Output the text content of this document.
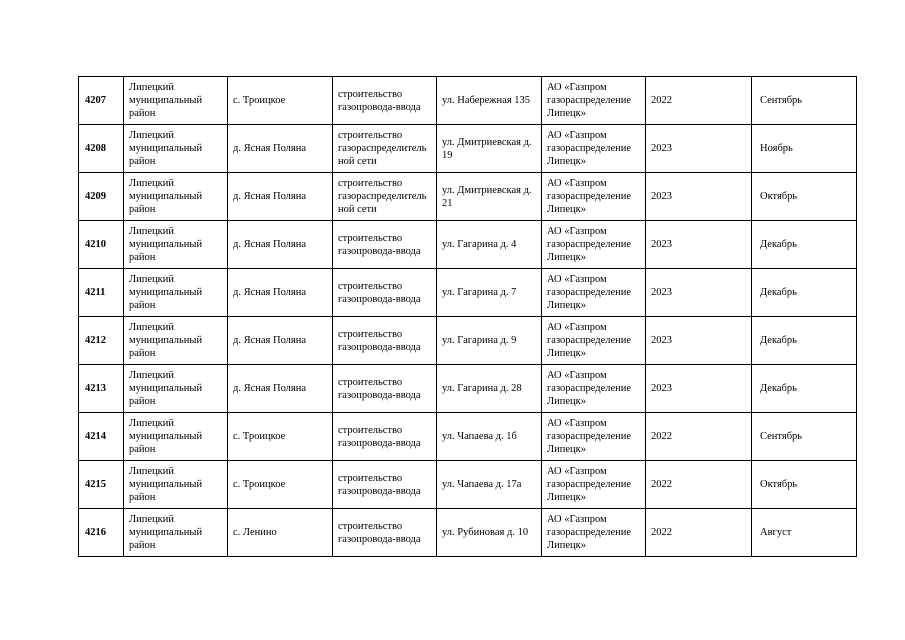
4207	Липецкий муниципальный район	с. Троицкое	строительство газопровода-ввода	ул. Набережная 135	АО «Газпром газораспределение Липецк»	2022	Сентябрь
4208	Липецкий муниципальный район	д. Ясная Поляна	строительство газораспределитель ной сети	ул. Дмитриевская д. 19	АО «Газпром газораспределение Липецк»	2023	Ноябрь
4209	Липецкий муниципальный район	д. Ясная Поляна	строительство газораспределитель ной сети	ул. Дмитриевская д. 21	АО «Газпром газораспределение Липецк»	2023	Октябрь
4210	Липецкий муниципальный район	д. Ясная Поляна	строительство газопровода-ввода	ул. Гагарина д. 4	АО «Газпром газораспределение Липецк»	2023	Декабрь
4211	Липецкий муниципальный район	д. Ясная Поляна	строительство газопровода-ввода	ул. Гагарина д. 7	АО «Газпром газораспределение Липецк»	2023	Декабрь
4212	Липецкий муниципальный район	д. Ясная Поляна	строительство газопровода-ввода	ул. Гагарина д. 9	АО «Газпром газораспределение Липецк»	2023	Декабрь
4213	Липецкий муниципальный район	д. Ясная Поляна	строительство газопровода-ввода	ул. Гагарина д. 28	АО «Газпром газораспределение Липецк»	2023	Декабрь
4214	Липецкий муниципальный район	с. Троицкое	строительство газопровода-ввода	ул. Чапаева д. 1б	АО «Газпром газораспределение Липецк»	2022	Сентябрь
4215	Липецкий муниципальный район	с. Троицкое	строительство газопровода-ввода	ул. Чапаева д. 17а	АО «Газпром газораспределение Липецк»	2022	Октябрь
4216	Липецкий муниципальный район	с. Ленино	строительство газопровода-ввода	ул. Рубиновая д. 10	АО «Газпром газораспределение Липецк»	2022	Август
